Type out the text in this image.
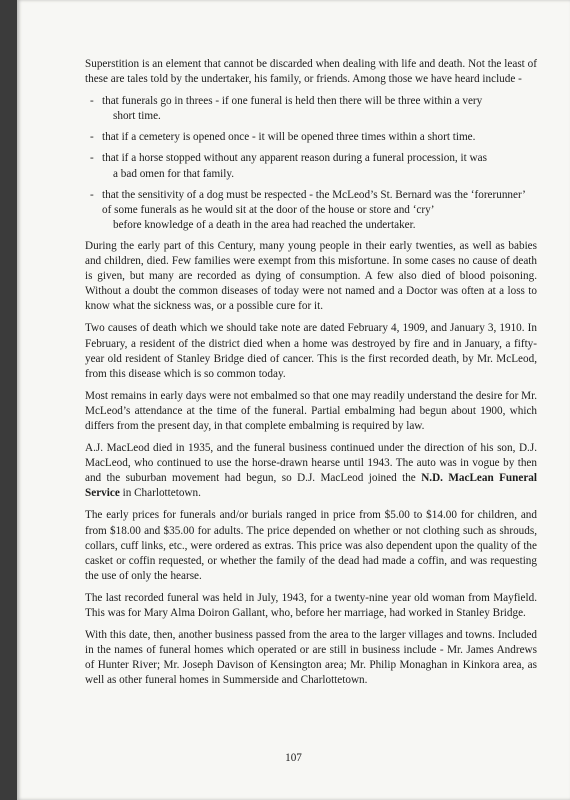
Superstition is an element that cannot be discarded when dealing with life and death. Not the least of these are tales told by the undertaker, his family, or friends. Among those we have heard include -

- that funerals go in threes - if one funeral is held then there will be three within a very
short time.
- that if a cemetery is opened once - it will be opened three times within a short time.
- that if a horse stopped without any apparent reason during a funeral procession, it was
a bad omen for that family.
- that the sensitivity of a dog must be respected - the McLeod’s St. Bernard was the ‘forerunner’ of some funerals as he would sit at the door of the house or store and ‘cry’
before knowledge of a death in the area had reached the undertaker.

During the early part of this Century, many young people in their early twenties, as well as babies and children, died. Few families were exempt from this misfortune. In some cases no cause of death is given, but many are recorded as dying of consumption. A few also died of blood poisoning. Without a doubt the common diseases of today were not named and a Doctor was often at a loss to know what the sickness was, or a possible cure for it.

Two causes of death which we should take note are dated February 4, 1909, and January 3, 1910. In February, a resident of the district died when a home was destroyed by fire and in January, a fifty-year old resident of Stanley Bridge died of cancer. This is the first recorded death, by Mr. McLeod, from this disease which is so common today.

Most remains in early days were not embalmed so that one may readily understand the desire for Mr. McLeod’s attendance at the time of the funeral. Partial embalming had begun about 1900, which differs from the present day, in that complete embalming is required by law.

A.J. MacLeod died in 1935, and the funeral business continued under the direction of his son, D.J. MacLeod, who continued to use the horse-drawn hearse until 1943. The auto was in vogue by then and the suburban movement had begun, so D.J. MacLeod joined the N.D. MacLean Funeral Service in Charlottetown.

The early prices for funerals and/or burials ranged in price from $5.00 to $14.00 for children, and from $18.00 and $35.00 for adults. The price depended on whether or not clothing such as shrouds, collars, cuff links, etc., were ordered as extras. This price was also dependent upon the quality of the casket or coffin requested, or whether the family of the dead had made a coffin, and was requesting the use of only the hearse.

The last recorded funeral was held in July, 1943, for a twenty-nine year old woman from Mayfield. This was for Mary Alma Doiron Gallant, who, before her marriage, had worked in Stanley Bridge.

With this date, then, another business passed from the area to the larger villages and towns. Included in the names of funeral homes which operated or are still in business include - Mr. James Andrews of Hunter River; Mr. Joseph Davison of Kensington area; Mr. Philip Monaghan in Kinkora area, as well as other funeral homes in Summerside and Charlottetown.

107
